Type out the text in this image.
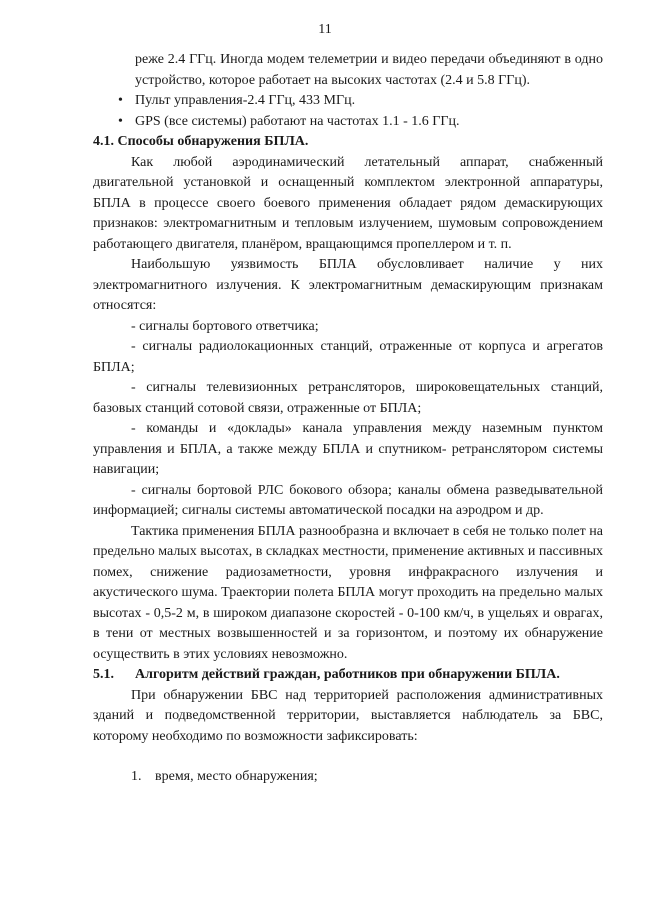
11
реже 2.4 ГГц. Иногда модем телеметрии и видео передачи объединяют в одно устройство, которое работает на высоких частотах (2.4 и 5.8 ГГц).
• Пульт управления-2.4 ГГц, 433 МГц.
• GPS (все системы) работают на частотах 1.1 - 1.6 ГГц.
4.1. Способы обнаружения БПЛА.

Как любой аэродинамический летательный аппарат, снабженный двигательной установкой и оснащенный комплектом электронной аппаратуры, БПЛА в процессе своего боевого применения обладает рядом демаскирующих признаков: электромагнитным и тепловым излучением, шумовым сопровождением работающего двигателя, планёром, вращающимся пропеллером и т. п.

Наибольшую уязвимость БПЛА обусловливает наличие у них электромагнитного излучения. К электромагнитным демаскирующим признакам относятся:

- сигналы бортового ответчика;

- сигналы радиолокационных станций, отраженные от корпуса и агрегатов БПЛА;

- сигналы телевизионных ретрансляторов, широковещательных станций, базовых станций сотовой связи, отраженные от БПЛА;

- команды и «доклады» канала управления между наземным пунктом управления и БПЛА, а также между БПЛА и спутником- ретранслятором системы навигации;

- сигналы бортовой РЛС бокового обзора; каналы обмена разведывательной информацией; сигналы системы автоматической посадки на аэродром и др.

Тактика применения БПЛА разнообразна и включает в себя не только полет на предельно малых высотах, в складках местности, применение активных и пассивных помех, снижение радиозаметности, уровня инфракрасного излучения и акустического шума. Траектории полета БПЛА могут проходить на предельно малых высотах - 0,5-2 м, в широком диапазоне скоростей - 0-100 км/ч, в ущельях и оврагах, в тени от местных возвышенностей и за горизонтом, и поэтому их обнаружение осуществить в этих условиях невозможно.

5.1. Алгоритм действий граждан, работников при обнаружении БПЛА.

При обнаружении БВС над территорией расположения административных зданий и подведомственной территории, выставляется наблюдатель за БВС, которому необходимо по возможности зафиксировать:

1. время, место обнаружения;
